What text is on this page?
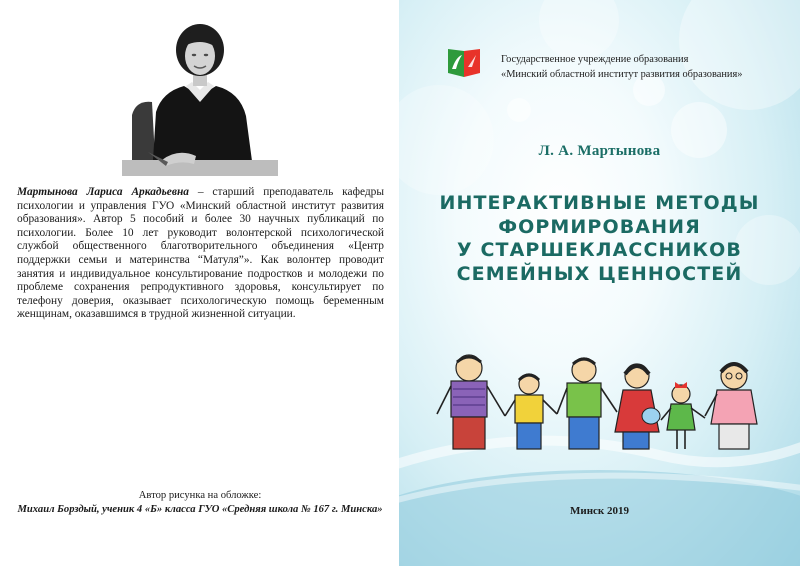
Мартынова Лариса Аркадьевна – старший преподаватель кафедры психологии и управления ГУО «Минский областной институт развития образования». Автор 5 пособий и более 30 научных публикаций по психологии. Более 10 лет руководит волонтерской психологической службой общественного благотворительного объединения «Центр поддержки семьи и материнства “Матуля”». Как волонтер проводит занятия и индивидуальное консультирование подростков и молодежи по проблеме сохранения репродуктивного здоровья, консультирует по телефону доверия, оказывает психологическую помощь беременным женщинам, оказавшимся в трудной жизненной ситуации.
Автор рисунка на обложке:
Михаил Борздый, ученик 4 «Б» класса ГУО «Средняя школа № 167 г. Минска»
Государственное учреждение образования
«Минский областной институт развития образования»
Л. А. Мартынова
ИНТЕРАКТИВНЫЕ МЕТОДЫ
ФОРМИРОВАНИЯ
У СТАРШЕКЛАССНИКОВ
СЕМЕЙНЫХ ЦЕННОСТЕЙ
Минск 2019
